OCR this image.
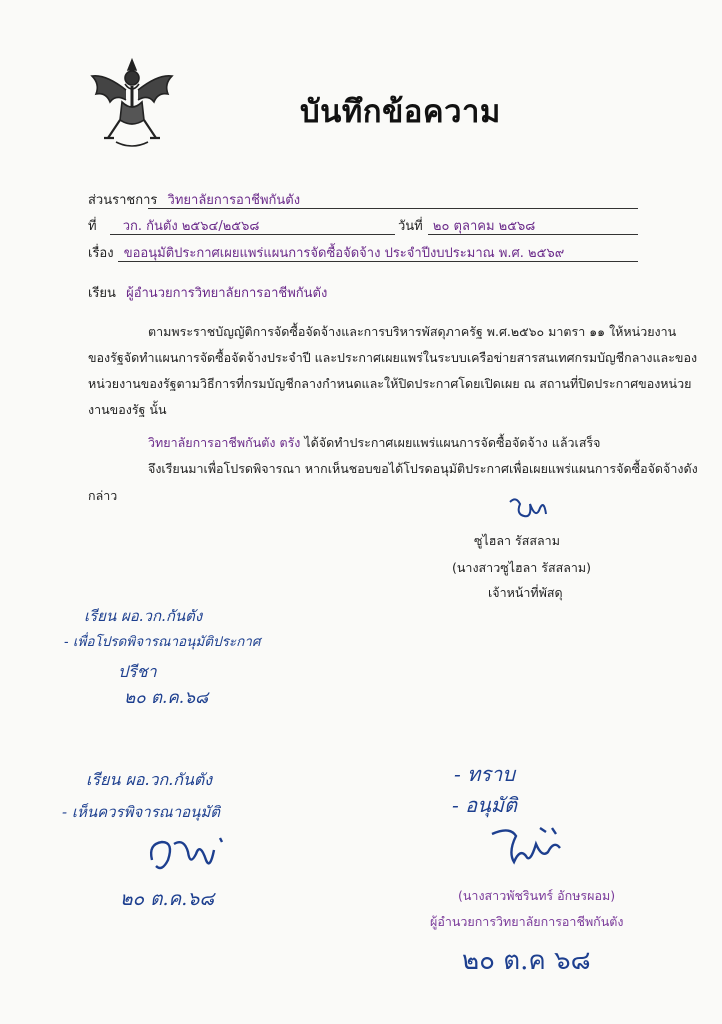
บันทึกข้อความ
ส่วนราชการ วิทยาลัยการอาชีพกันตัง
ที่ วก. กันตัง ๒๕๖๔/๒๕๖๘	วันที่ ๒๐ ตุลาคม ๒๕๖๘
เรื่อง ขออนุมัติประกาศเผยแพร่แผนการจัดซื้อจัดจ้าง ประจำปีงบประมาณ พ.ศ. ๒๕๖๙
เรียน ผู้อำนวยการวิทยาลัยการอาชีพกันตัง
ตามพระราชบัญญัติการจัดซื้อจัดจ้างและการบริหารพัสดุภาครัฐ พ.ศ.๒๕๖๐ มาตรา ๑๑ ให้หน่วยงาน
ของรัฐจัดทำแผนการจัดซื้อจัดจ้างประจำปี และประกาศเผยแพร่ในระบบเครือข่ายสารสนเทศกรมบัญชีกลางและของ
หน่วยงานของรัฐตามวิธีการที่กรมบัญชีกลางกำหนดและให้ปิดประกาศโดยเปิดเผย ณ สถานที่ปิดประกาศของหน่วย
งานของรัฐ นั้น
วิทยาลัยการอาชีพกันตัง ตรัง ได้จัดทำประกาศเผยแพร่แผนการจัดซื้อจัดจ้าง แล้วเสร็จ
จึงเรียนมาเพื่อโปรดพิจารณา หากเห็นชอบขอได้โปรดอนุมัติประกาศเพื่อเผยแพร่แผนการจัดซื้อจัดจ้างดัง
กล่าว
ซูไฮลา รัสสลาม
(นางสาวซูไฮลา รัสสลาม)
เจ้าหน้าที่พัสดุ
เรียน ผอ.วก.กันตัง
- เพื่อโปรดพิจารณาอนุมัติประกาศ
ปรีชา
๒๐ ต.ค.๖๘
เรียน ผอ.วก.กันตัง
- เห็นควรพิจารณาอนุมัติ
๒๐ ต.ค.๖๘
- ทราบ
- อนุมัติ
(นางสาวพัชรินทร์ อักษรผอม)
ผู้อำนวยการวิทยาลัยการอาชีพกันตัง
๒๐ ต.ค ๖๘
